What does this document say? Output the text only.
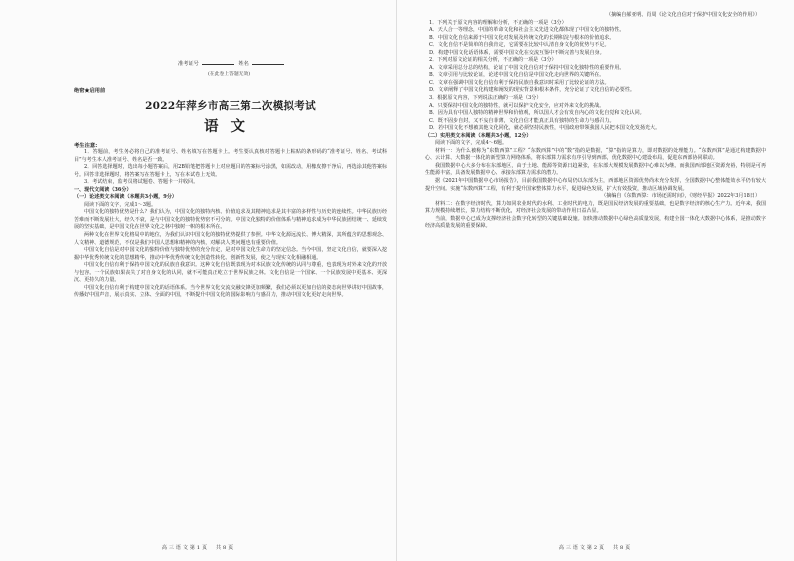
准考证号	姓名
(在此卷上答题无效)
绝密★启用前
2022年萍乡市高三第二次模拟考试
语文
考生注意:

1．答题前，考生务必将自己的准考证号、姓名填写在答题卡上。考生要认真核对答题卡上粘贴的条形码的“准考证号、姓名、考试科目”与考生本人准考证号、姓名是否一致。

2．回答选择题时，选出每小题答案后，用2B铅笔把答题卡上对应题目的答案标号涂黑，如需改动，用橡皮擦干净后，再选涂其他答案标号。回答非选择题时，将答案写在答题卡上，写在本试卷上无效。

3．考试结束，监考员将试题卷、答题卡一并收回。

一、现代文阅读（36分）

（一）论述类文本阅读（本题共3小题，9分）

阅读下面的文字，完成1～3题。

中国文化的独特优势是什么？我们认为，中国文化的独特内核、价值追求及其精神追求是其丰富的多样性与历史的连续性。中华民族历经苦难而不断发展壮大，经久不衰，是与中国文化的独特优势密不可分的。中国文化独特的价值体系与精神追求成为中华民族团结统一、延续发展的坚实基础，是中国文化在世界文化之林中独树一帜的根本所在。

两种文化在世界文化格局中的地位，为我们认识中国文化的独特优势提供了参照。中华文化源远流长、博大精深，其所蕴含的思想观念、人文精神、道德规范，不仅是我们中国人思想和精神的内核，对解决人类问题也有重要价值。

中国文化自信是对中国文化的独特价值与独特优势的充分肯定，是对中国文化生命力的坚定信念。当今中国，坚定文化自信，就要深入挖掘中华优秀传统文化的思想精华，推动中华优秀传统文化创造性转化、创新性发展，使之与现实文化相融相通。

中国文化自信有利于保持中国文化的民族自我意识。这种文化自信既表现为对本民族文化传统的认同与尊重，也表现为对外来文化的开放与包容。一个民族如果丧失了对自身文化的认同，就不可能真正屹立于世界民族之林。文化自信是一个国家、一个民族发展中更基本、更深沉、更持久的力量。

中国文化自信有利于构建中国文化的话语体系。当今世界文化交流交融交锋更加频繁，我们必须以更加自信的姿态向世界讲好中国故事，传播好中国声音，展示真实、立体、全面的中国，不断提升中国文化的国际影响力与感召力，推动中国文化更好走向世界。

高三语文第1页　共8页

（摘编自郝亚明、肖周《论文化自信对于保护中国文化安全的作用》）

1．下列关于原文内容的理解和分析，不正确的一项是（3分）

A．天人合一等理念，中国的革命文化和社会主义先进文化都体现了中国文化的独特性。

B．中国文化自信来源于中国文化对发展及传统文化的长期积淀与根本的价值追求。

C．文化自信不是简单的自我肯定，它需要在比较中认清自身文化的优势与不足。

D．构建中国文化话语体系，需要中国文化在交流互鉴中不断完善与发展自身。

2．下列对原文论证的相关分析，不正确的一项是（3分）

A．文章采用总分总的结构，论证了中国文化自信对于保持中国文化独特性的重要作用。

B．文章引用与比较论证，论述中国文化自信是中国文化走向世界的关键所在。

C．文章在强调中国文化自信有利于保持民族自我意识时采用了比较论证的方法。

D．文章阐释了中国文化构建和阐发的现实背景和根本条件，充分论证了文化自信的必要性。

3．根据原文内容，下列说法正确的一项是（3分）

A．只要保持中国文化的独特性，就可以保护文化安全，应对外来文化的挑战。

B．因为具有中国人独特的精神世界和价值观，所以国人才会有发自内心的文化自觉和文化认同。

C．既不固步自封，又不妄自菲薄，文化自信才能真正具有独特的生命力与感召力。

D．若中国文化不想被其他文化同化，就必须坚持民族性，中国政府带领我国人民把本国文化发扬光大。

（二）实用类文本阅读（本题共3小题，12分）

阅读下面的文字，完成4～6题。

材料一：为什么被称为“东数西算”工程？“东数西算”中的“数”指的是数据，“算”指的是算力，即对数据的处理能力。“东数西算”是通过构建数据中心、云计算、大数据一体化的新型算力网络体系，将东部算力需求有序引导到西部，优化数据中心建设布局，促进东西部协同联动。

我国数据中心大多分布在东部地区，由于土地、能源等资源日趋紧张，在东部大规模发展数据中心难以为继。而我国西部地区资源充裕，特别是可再生能源丰富，具备发展数据中心、承接东部算力需求的潜力。

据《2021年中国数据中心市场报告》，目前我国数据中心布局仍以东部为主，西部地区资源优势尚未充分发挥，全国数据中心整体能效水平仍有较大提升空间。实施“东数西算”工程，有利于提升国家整体算力水平，促进绿色发展，扩大有效投资，推动区域协调发展。

（摘编自《东数西算：市场还需时间》，《财经早报》2022年3月18日）

材料二：在数字经济时代，算力如同农业时代的水利、工业时代的电力，既是国民经济发展的重要基础，也是数字经济的核心生产力。近年来，我国算力规模持续增长，算力结构不断优化，对经济社会发展的带动作用日益凸显。

当前，数据中心已成为支撑经济社会数字化转型的关键基础设施。加快推动数据中心绿色高质量发展，构建全国一体化大数据中心体系，是推动数字经济高质量发展的重要保障。

高三语文第2页　共8页
